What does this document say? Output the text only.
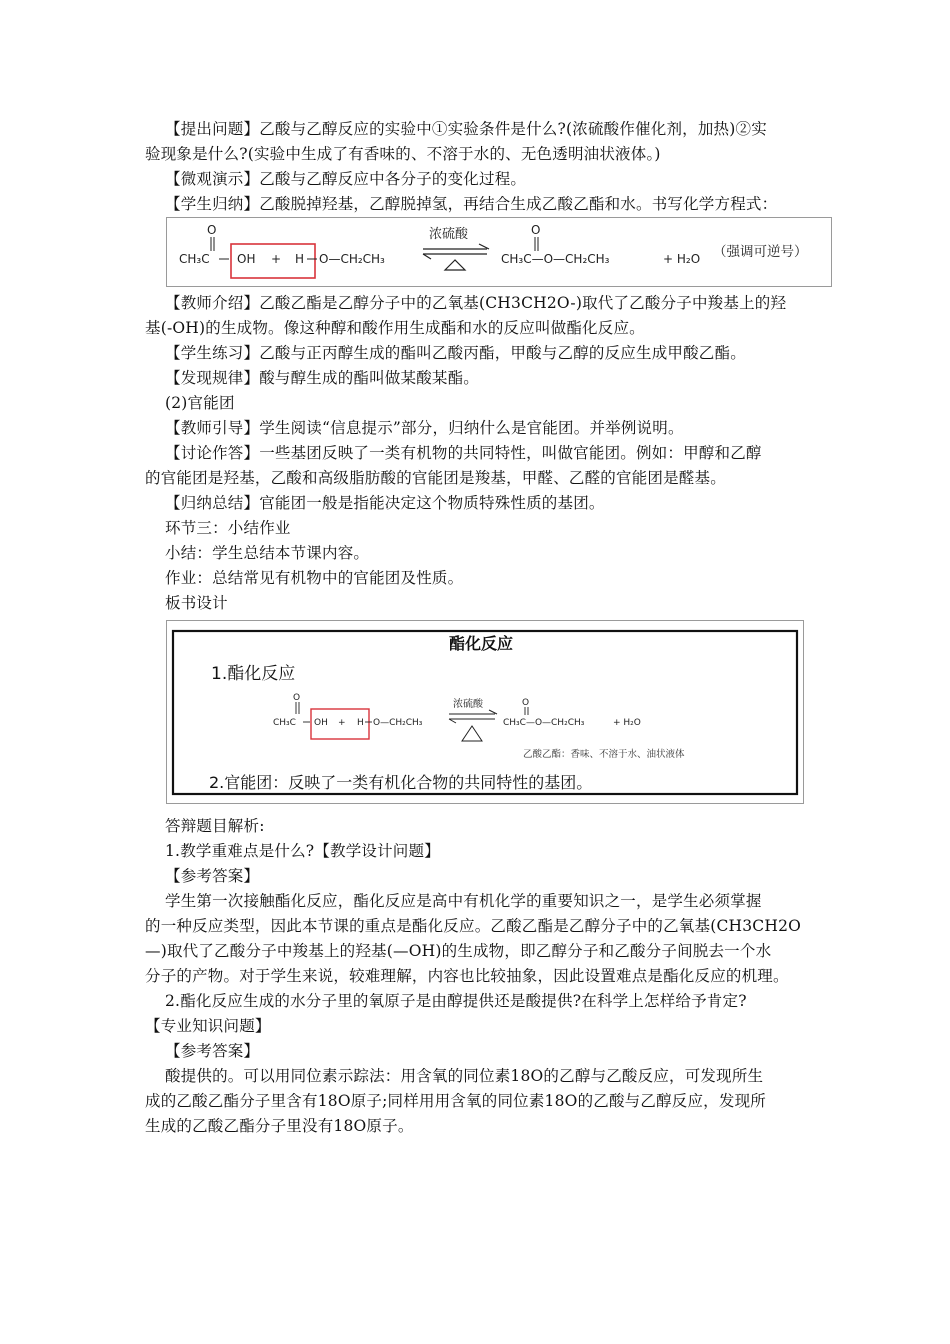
【提出问题】乙酸与乙醇反应的实验中①实验条件是什么?(浓硫酸作催化剂，加热)②实
验现象是什么?(实验中生成了有香味的、不溶于水的、无色透明油状液体。)
【微观演示】乙酸与乙醇反应中各分子的变化过程。
【学生归纳】乙酸脱掉羟基，乙醇脱掉氢，再结合生成乙酸乙酯和水。书写化学方程式：
CH₃C
O
OH + H O—CH₂CH₃
浓硫酸	O
CH₃C—O—CH₂CH₃	+ H₂O （强调可逆号）
【教师介绍】乙酸乙酯是乙醇分子中的乙氧基(CH3CH2O-)取代了乙酸分子中羧基上的羟
基(-OH)的生成物。像这种醇和酸作用生成酯和水的反应叫做酯化反应。
【学生练习】乙酸与正丙醇生成的酯叫乙酸丙酯，甲酸与乙醇的反应生成甲酸乙酯。
【发现规律】酸与醇生成的酯叫做某酸某酯。
(2)官能团
【教师引导】学生阅读“信息提示”部分，归纳什么是官能团。并举例说明。
【讨论作答】一些基团反映了一类有机物的共同特性，叫做官能团。例如：甲醇和乙醇
的官能团是羟基，乙酸和高级脂肪酸的官能团是羧基，甲醛、乙醛的官能团是醛基。
【归纳总结】官能团一般是指能决定这个物质特殊性质的基团。
环节三：小结作业
小结：学生总结本节课内容。
作业：总结常见有机物中的官能团及性质。
板书设计
酯化反应
1.酯化反应
CH₃C
O
OH + H O—CH₂CH₃
浓硫酸	O
CH₃C—O—CH₂CH₃	+ H₂O
乙酸乙酯：香味、不溶于水、油状液体
2.官能团：反映了一类有机化合物的共同特性的基团。
答辩题目解析:
1.教学重难点是什么?【教学设计问题】
【参考答案】
学生第一次接触酯化反应，酯化反应是高中有机化学的重要知识之一，是学生必须掌握
的一种反应类型，因此本节课的重点是酯化反应。乙酸乙酯是乙醇分子中的乙氧基(CH3CH2O
—)取代了乙酸分子中羧基上的羟基(—OH)的生成物，即乙醇分子和乙酸分子间脱去一个水
分子的产物。对于学生来说，较难理解，内容也比较抽象，因此设置难点是酯化反应的机理。
2.酯化反应生成的水分子里的氧原子是由醇提供还是酸提供?在科学上怎样给予肯定?
【专业知识问题】
【参考答案】
酸提供的。可以用同位素示踪法：用含氧的同位素18O的乙醇与乙酸反应，可发现所生
成的乙酸乙酯分子里含有18O原子;同样用用含氧的同位素18O的乙酸与乙醇反应，发现所
生成的乙酸乙酯分子里没有18O原子。
